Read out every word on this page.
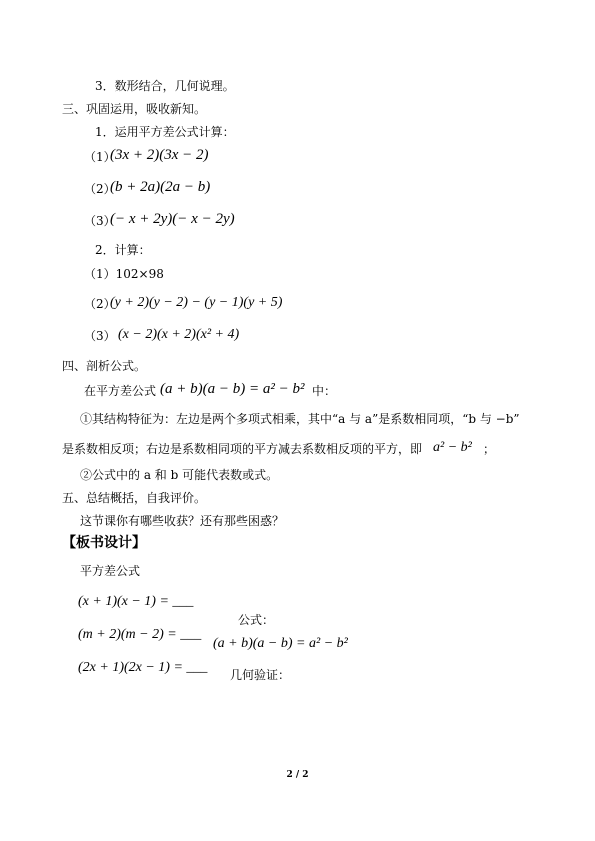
3．数形结合，几何说理。
三、巩固运用，吸收新知。
1．运用平方差公式计算：
（1）
(3x + 2)(3x − 2)
（2）
(b + 2a)(2a − b)
（3）
(− x + 2y)(− x − 2y)
2．计算：
（1）102×98
（2）
(y + 2)(y − 2) − (y − 1)(y + 5)
（3） (x − 2)(x + 2)(x² + 4)
四、剖析公式。
在平方差公式 (a + b)(a − b) = a² − b² 中：
①其结构特征为：左边是两个多项式相乘，其中“a 与 a”是系数相同项，“b 与 −b”
是系数相反项；右边是系数相同项的平方减去系数相反项的平方，即 a² − b² ；
②公式中的 a 和 b 可能代表数或式。
五、总结概括，自我评价。
这节课你有哪些收获？还有那些困惑？
【板书设计】
平方差公式
(x + 1)(x − 1) = ___
(m + 2)(m − 2) = ___
(2x + 1)(2x − 1) = ___
公式：
(a + b)(a − b) = a² − b²
几何验证：
2 / 2
